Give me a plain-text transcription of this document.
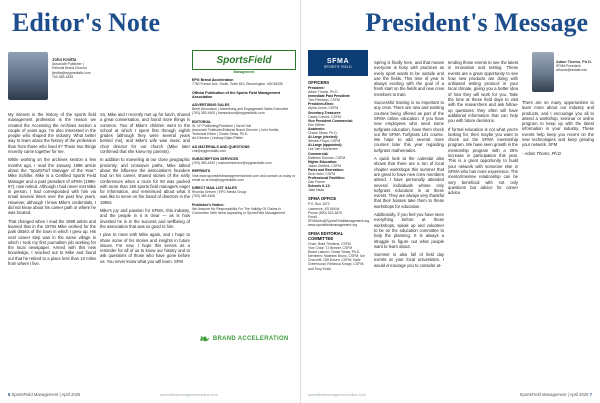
Editor's Note
John Kmitta
Associate Publisher |
Editorial Brand Director
jkmitta@epgmediallc.com
763-383-4405

My interest in the history of the sports field management profession is the reason we created the Accessing the Archives section a couple of years ago. I'm also interested in the people who shaped the industry. What better way to learn about the history of the profession than from those who lived it? Those two things recently came together for me.

While working on the archives section a few months ago, I read the January 1998 article about the "SportsTurf Manager of the Year." Mike Schiller. Mike is a Certified Sports Field Manager and a past president of SFMA (1996-97), now retired. Although I had never met Mike in person, I had corresponded with him via email several times over the past few years. However, although I knew Mike's credentials, I did not know about his career path or where he was located.

That changed when I read the 1998 article and learned that in the 1970s Mike worked for the park district of the town in which I grew up. His next career step was in the same village in which I took my first journalism job working for the local newspaper. Armed with this new knowledge, I reached out to Mike and found out that he retired to a place less than 10 miles from where I live.

So, Mike and I recently met up for lunch, shared a great conversation, and found more things in common. Two of Mike's children went to the school at which I spent first through eighth grades (although they were several years behind me), and Mike's wife was music and choir director for our church (Mike later confirmed that she knew my parents).

In addition to marveling at our close geographic proximity, and crossover paths, Mike talked about the influence the association's founders had on his career, shared stories of the early conferences when a room for 50 was packed with more than 150 sports field managers eager for information, and reminisced about what it was like to serve on the board of directors in the 1990s.

Mike's joy and passion for SFMA, this industry, and the people in it is clear — as is how invested he is in the success and wellbeing of the association that was so good to him.

I plan to meet with Mike again, and I hope to share some of his stories and insights in future issues. For now, I hope this serves as a reminder for all of us to know our history and to ask questions of those who have gone before us. You never know what you will learn. SFM

SportsField
Management
EPG Brand Acceleration
7760 France Ave. South, Suite 810, Bloomington, MN 55435
Official Publication of the Sports Field Management Association
ADVERTISING SALES
Brent Amundson | Advertising and Engagement Sales Executive
(763) 383-4400 | bamundson@epgmediallc.com
EDITORIAL
Sr. VP Publishing/Publisher | David Voll
Associate Publisher/Editorial Brand Director | John Kmitta
Technical Editor | Chase Straw, Ph.D.
Art Director | Lindsay Dijan-Pfeifer
AD MATERIALS AND QUESTIONS
cml@epgmediallc.com
SUBSCRIPTION SERVICES
(763) 383-4492 | customerservice@epgmediallc.com
REPRINTS
Visit www.sportsfieldmanagementonline.com and contact us today or email us at info@epgmediallc.com
DIRECT MAIL LIST SALES
Rhonda Greven | EPG Media Group
(763) 383-4406
Publisher's Notice:
We Assume No Responsibility For The Validity Of Claims In Connection With Items Appearing In SportsField Management.
❧ BRAND ACCELERATION
6 SportsField Management | April 2025	sportsfieldmanagementonline.com
President's Message
SFMA
SPORTS FIELD
OFFICERS
President:
Adam Thoms, Ph.D.
Immediate Past President:
Tom Pinkston, CSFM
President-Elect:
Alpha Jones, CSFM
Secretary-Treasurer:
Casey Carrick, CSFM
Vice President Commercial:
Erin Hiltner
Academic:
Chase Straw, Ph.D.
At-Large (elected):
Weston Floyd, CSFM
At-Large (appointed):
Lee Van Hoorebeke
Commercial:
Matthew Dunnan, CSFM
Higher Education:
Jason DeMink, CSFM
Parks and Recreation:
Dick Hahn, CSFM
Professional Facilities:
Dan Ferres
Schools K-12:
Jake Naas
SFMA OFFICE
P.O. Box 1672
Lawrence, KS 66044
Phone (800) 323-3875
Email: SFMAinfo@SportsFieldManagement.org
www.sportsfieldmanagement.org
SFMA EDITORIAL COMMITTEE
Chair: Brad Thedens, CSFM
Vice Chair: TJ Brewer, CSFM
Board Liaison: Chase Straw, Ph.D.
Members: Matthew Bruns, CSFM; Ian Churchill; Cliff Dosen, CSFM; Katie Greenwood; Rebecca Knapp, CSFM; and Tony Koski.

Spring is finally here, and that means everyone is busy with practices as every sport wants to be outside and use the fields. This time of year is always exciting with the goal of a fresh start on the fields and new crew members to train.

Successful training is so important to any crew. There are new and existing courses being offered as part of the SFMA online education. If you have new employees who need some turfgrass education, have them check out the SFMA Turfgrass 101 course. We hope to add several more courses later this year regarding turfgrass mathematics.

A quick look at the calendar also shows that there are a ton of local chapter workshops this summer that are great to have new crew members attend. I have personally attended several individuals whose only turfgrass education is at these events. They are always very thankful that their bosses take them to these workshops for education.

Additionally, if you feel you have seen everything before at these workshops, speak up and volunteer to be on the education committee to help the planning. It is always a struggle to figure out what people want to learn about.

Summer is also full of field day events at your local universities. I would encourage you to consider at-

tending those events to see the latest in innovation and testing. These events are a great opportunity to see how new products are doing with unbiased testing protocol in your local climate, giving you a better idea of how they will work for you. Take the time at these field days to visit with the researchers and ask follow-up questions; they often will have additional information that can help you with future decisions.

If formal education is not what you're looking for, then maybe you want to check out the SFMA mentorship program. We have seen growth in the mentorship program with a 25% increase in participation this year. This is a great opportunity to build your network with someone else in SFMA who has more experience. The mentor/mentee relationship can be very beneficial with not only questions but advice for career advice.

Adam Thoms, Ph.D.
SFMA President
athoms@iastate.edu

There are so many opportunities to learn more about our industry and products, and I encourage you all to attend a workshop, seminar or online program to keep up with the latest information in your industry. These events help keep you recent on the new technologies and keep growing your network. SFM

- Adam Thoms, Ph.D

sportsfieldmanagementonline.com	SportsField Management | April 2025 7
